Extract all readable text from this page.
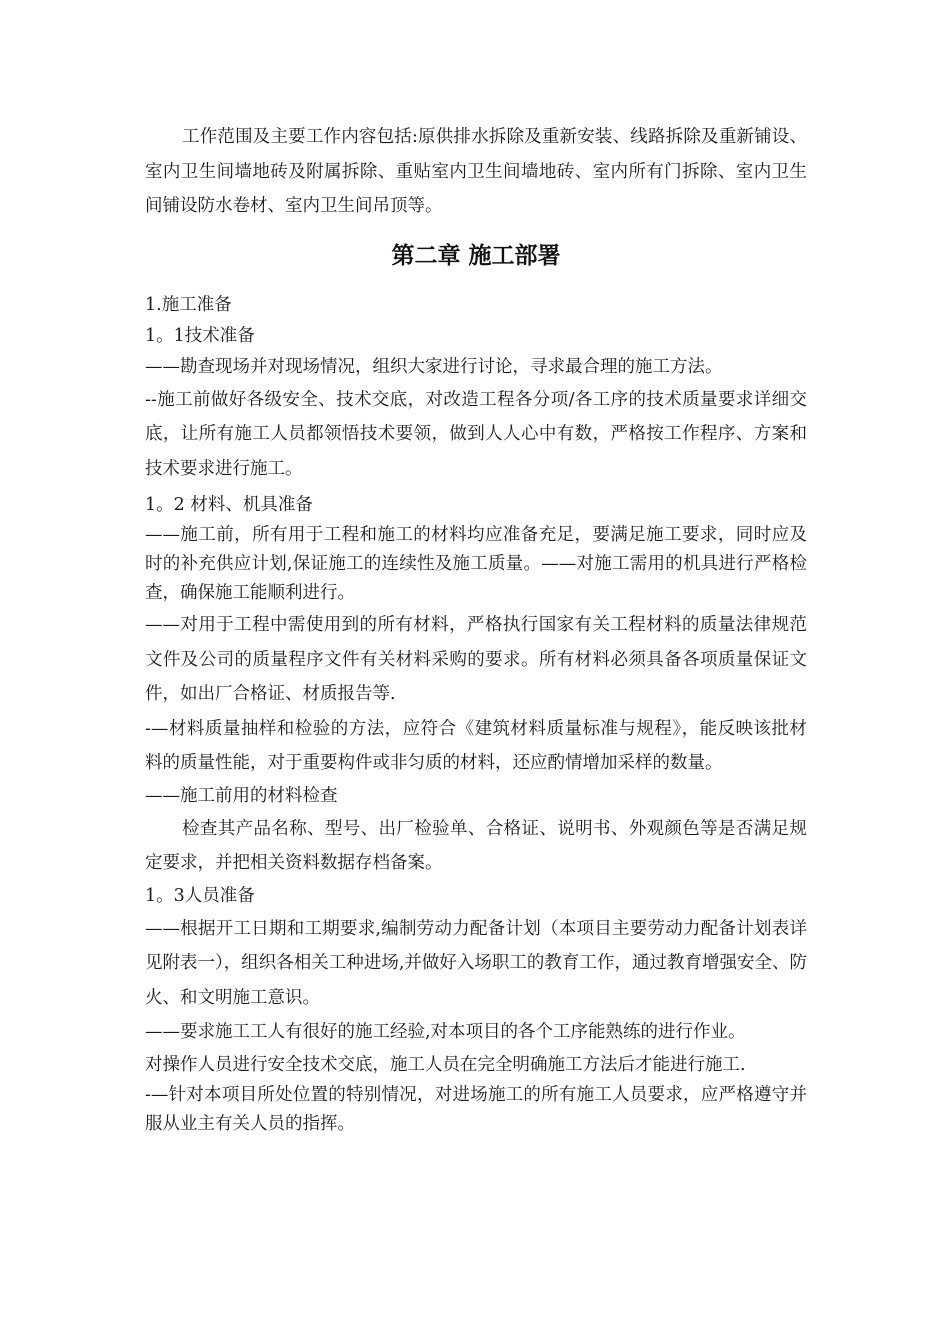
工作范围及主要工作内容包括:原供排水拆除及重新安装、线路拆除及重新铺设、室内卫生间墙地砖及附属拆除、重贴室内卫生间墙地砖、室内所有门拆除、室内卫生间铺设防水卷材、室内卫生间吊顶等。

第二章 施工部署

1.施工准备

1。1技术准备

——勘查现场并对现场情况，组织大家进行讨论，寻求最合理的施工方法。

--施工前做好各级安全、技术交底，对改造工程各分项/各工序的技术质量要求详细交底，让所有施工人员都领悟技术要领，做到人人心中有数，严格按工作程序、方案和技术要求进行施工。

1。2 材料、机具准备

——施工前，所有用于工程和施工的材料均应准备充足，要满足施工要求，同时应及时的补充供应计划,保证施工的连续性及施工质量。——对施工需用的机具进行严格检查，确保施工能顺利进行。

——对用于工程中需使用到的所有材料，严格执行国家有关工程材料的质量法律规范文件及公司的质量程序文件有关材料采购的要求。所有材料必须具备各项质量保证文件，如出厂合格证、材质报告等.

-—材料质量抽样和检验的方法，应符合《建筑材料质量标准与规程》，能反映该批材料的质量性能，对于重要构件或非匀质的材料，还应酌情增加采样的数量。

——施工前用的材料检查

检查其产品名称、型号、出厂检验单、合格证、说明书、外观颜色等是否满足规定要求，并把相关资料数据存档备案。

1。3人员准备

——根据开工日期和工期要求,编制劳动力配备计划（本项目主要劳动力配备计划表详见附表一），组织各相关工种进场,并做好入场职工的教育工作，通过教育增强安全、防火、和文明施工意识。

——要求施工工人有很好的施工经验,对本项目的各个工序能熟练的进行作业。

对操作人员进行安全技术交底，施工人员在完全明确施工方法后才能进行施工.

-—针对本项目所处位置的特别情况，对进场施工的所有施工人员要求，应严格遵守并服从业主有关人员的指挥。
